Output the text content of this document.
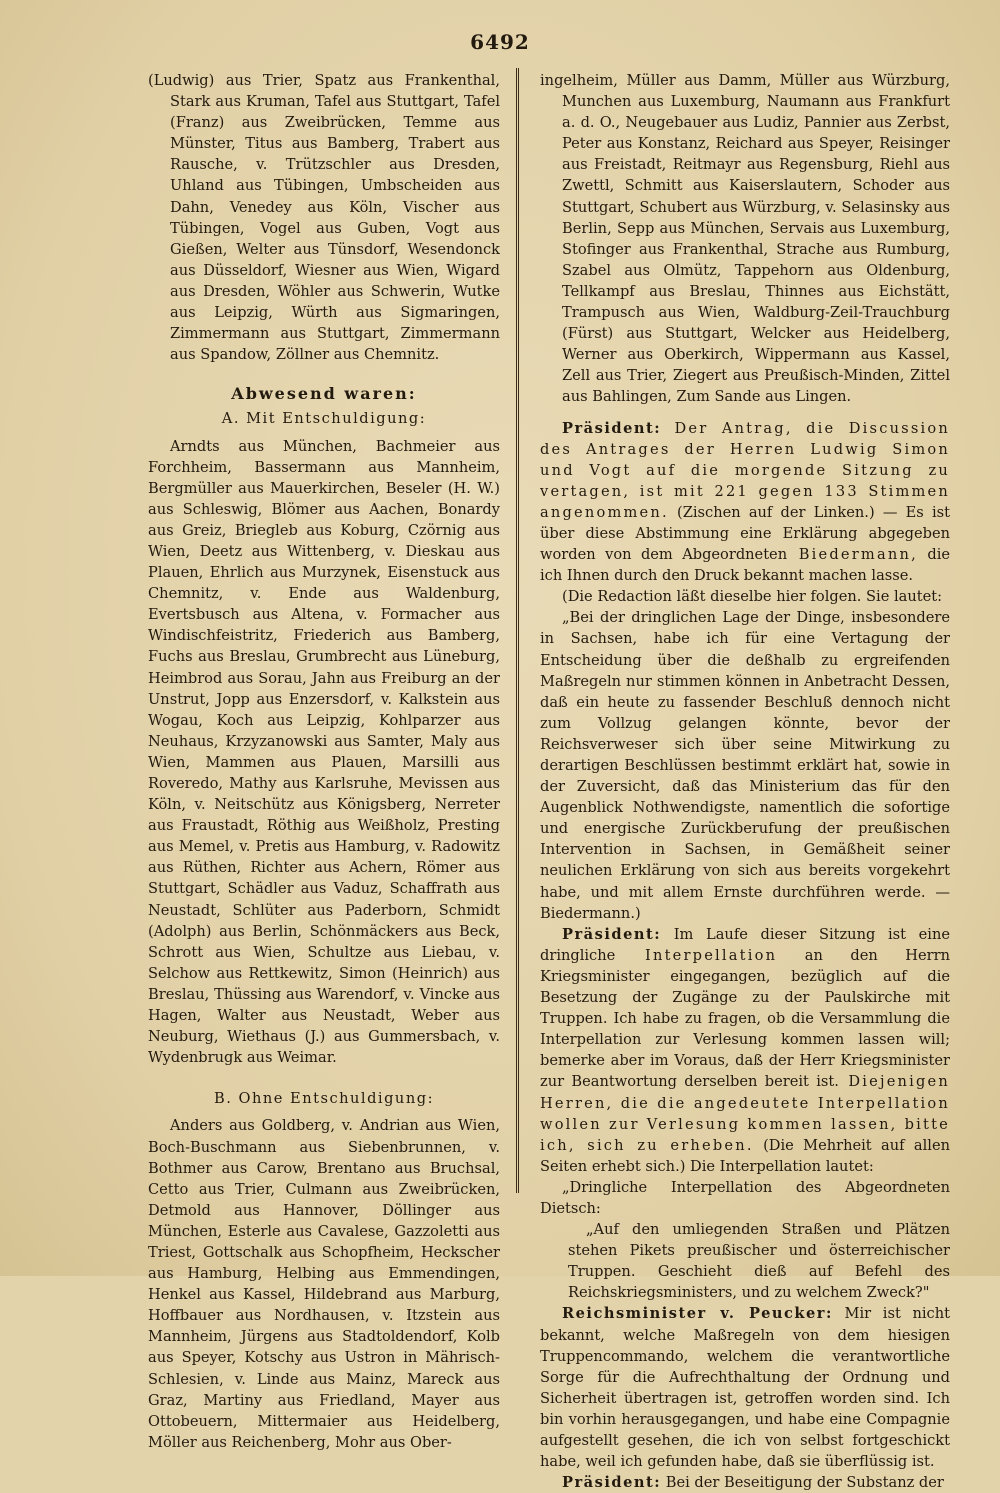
6492

(Ludwig) aus Trier, Spatz aus Frankenthal, Stark aus Kruman, Tafel aus Stuttgart, Tafel (Franz) aus Zweibrücken, Temme aus Münster, Titus aus Bamberg, Trabert aus Rausche, v. Trützschler aus Dresden, Uhland aus Tübingen, Umbscheiden aus Dahn, Venedey aus Köln, Vischer aus Tübingen, Vogel aus Guben, Vogt aus Gießen, Welter aus Tünsdorf, Wesendonck aus Düsseldorf, Wiesner aus Wien, Wigard aus Dresden, Wöhler aus Schwerin, Wutke aus Leipzig, Würth aus Sigmaringen, Zimmermann aus Stuttgart, Zimmermann aus Spandow, Zöllner aus Chemnitz.

Abwesend waren:

A. Mit Entschuldigung:

Arndts aus München, Bachmeier aus Forchheim, Bassermann aus Mannheim, Bergmüller aus Mauerkirchen, Beseler (H. W.) aus Schleswig, Blömer aus Aachen, Bonardy aus Greiz, Briegleb aus Koburg, Czörnig aus Wien, Deetz aus Wittenberg, v. Dieskau aus Plauen, Ehrlich aus Murzynek, Eisenstuck aus Chemnitz, v. Ende aus Waldenburg, Evertsbusch aus Altena, v. Formacher aus Windischfeistritz, Friederich aus Bamberg, Fuchs aus Breslau, Grumbrecht aus Lüneburg, Heimbrod aus Sorau, Jahn aus Freiburg an der Unstrut, Jopp aus Enzersdorf, v. Kalkstein aus Wogau, Koch aus Leipzig, Kohlparzer aus Neuhaus, Krzyzanowski aus Samter, Maly aus Wien, Mammen aus Plauen, Marsilli aus Roveredo, Mathy aus Karlsruhe, Mevissen aus Köln, v. Neitschütz aus Königsberg, Nerreter aus Fraustadt, Röthig aus Weißholz, Presting aus Memel, v. Pretis aus Hamburg, v. Radowitz aus Rüthen, Richter aus Achern, Römer aus Stuttgart, Schädler aus Vaduz, Schaffrath aus Neustadt, Schlüter aus Paderborn, Schmidt (Adolph) aus Berlin, Schönmäckers aus Beck, Schrott aus Wien, Schultze aus Liebau, v. Selchow aus Rettkewitz, Simon (Heinrich) aus Breslau, Thüssing aus Warendorf, v. Vincke aus Hagen, Walter aus Neustadt, Weber aus Neuburg, Wiethaus (J.) aus Gummersbach, v. Wydenbrugk aus Weimar.

B. Ohne Entschuldigung:

Anders aus Goldberg, v. Andrian aus Wien, Boch-Buschmann aus Siebenbrunnen, v. Bothmer aus Carow, Brentano aus Bruchsal, Cetto aus Trier, Culmann aus Zweibrücken, Detmold aus Hannover, Döllinger aus München, Esterle aus Cavalese, Gazzoletti aus Triest, Gottschalk aus Schopfheim, Heckscher aus Hamburg, Helbing aus Emmendingen, Henkel aus Kassel, Hildebrand aus Marburg, Hoffbauer aus Nordhausen, v. Itzstein aus Mannheim, Jürgens aus Stadtoldendorf, Kolb aus Speyer, Kotschy aus Ustron in Mährisch-Schlesien, v. Linde aus Mainz, Mareck aus Graz, Martiny aus Friedland, Mayer aus Ottobeuern, Mittermaier aus Heidelberg, Möller aus Reichenberg, Mohr aus Ober-

ingelheim, Müller aus Damm, Müller aus Würzburg, Munchen aus Luxemburg, Naumann aus Frankfurt a. d. O., Neugebauer aus Ludiz, Pannier aus Zerbst, Peter aus Konstanz, Reichard aus Speyer, Reisinger aus Freistadt, Reitmayr aus Regensburg, Riehl aus Zwettl, Schmitt aus Kaiserslautern, Schoder aus Stuttgart, Schubert aus Würzburg, v. Selasinsky aus Berlin, Sepp aus München, Servais aus Luxemburg, Stofinger aus Frankenthal, Strache aus Rumburg, Szabel aus Olmütz, Tappehorn aus Oldenburg, Tellkampf aus Breslau, Thinnes aus Eichstätt, Trampusch aus Wien, Waldburg-Zeil-Trauchburg (Fürst) aus Stuttgart, Welcker aus Heidelberg, Werner aus Oberkirch, Wippermann aus Kassel, Zell aus Trier, Ziegert aus Preußisch-Minden, Zittel aus Bahlingen, Zum Sande aus Lingen.

Präsident: Der Antrag, die Discussion des Antrages der Herren Ludwig Simon und Vogt auf die morgende Sitzung zu vertagen, ist mit 221 gegen 133 Stimmen angenommen. (Zischen auf der Linken.) — Es ist über diese Abstimmung eine Erklärung abgegeben worden von dem Abgeordneten Biedermann, die ich Ihnen durch den Druck bekannt machen lasse.

(Die Redaction läßt dieselbe hier folgen. Sie lautet:

„Bei der dringlichen Lage der Dinge, insbesondere in Sachsen, habe ich für eine Vertagung der Entscheidung über die deßhalb zu ergreifenden Maßregeln nur stimmen können in Anbetracht Dessen, daß ein heute zu fassender Beschluß dennoch nicht zum Vollzug gelangen könnte, bevor der Reichsverweser sich über seine Mitwirkung zu derartigen Beschlüssen bestimmt erklärt hat, sowie in der Zuversicht, daß das Ministerium das für den Augenblick Nothwendigste, namentlich die sofortige und energische Zurückberufung der preußischen Intervention in Sachsen, in Gemäßheit seiner neulichen Erklärung von sich aus bereits vorgekehrt habe, und mit allem Ernste durchführen werde. — Biedermann.)

Präsident: Im Laufe dieser Sitzung ist eine dringliche Interpellation an den Herrn Kriegsminister eingegangen, bezüglich auf die Besetzung der Zugänge zu der Paulskirche mit Truppen. Ich habe zu fragen, ob die Versammlung die Interpellation zur Verlesung kommen lassen will; bemerke aber im Voraus, daß der Herr Kriegsminister zur Beantwortung derselben bereit ist. Diejenigen Herren, die die angedeutete Interpellation wollen zur Verlesung kommen lassen, bitte ich, sich zu erheben. (Die Mehrheit auf allen Seiten erhebt sich.) Die Interpellation lautet:

„Dringliche Interpellation des Abgeordneten Dietsch:

„Auf den umliegenden Straßen und Plätzen stehen Pikets preußischer und österreichischer Truppen. Geschieht dieß auf Befehl des Reichskriegsministers, und zu welchem Zweck?"

Reichsminister v. Peucker: Mir ist nicht bekannt, welche Maßregeln von dem hiesigen Truppencommando, welchem die verantwortliche Sorge für die Aufrechthaltung der Ordnung und Sicherheit übertragen ist, getroffen worden sind. Ich bin vorhin herausgegangen, und habe eine Compagnie aufgestellt gesehen, die ich von selbst fortgeschickt habe, weil ich gefunden habe, daß sie überflüssig ist.

Präsident: Bei der Beseitigung der Substanz der
